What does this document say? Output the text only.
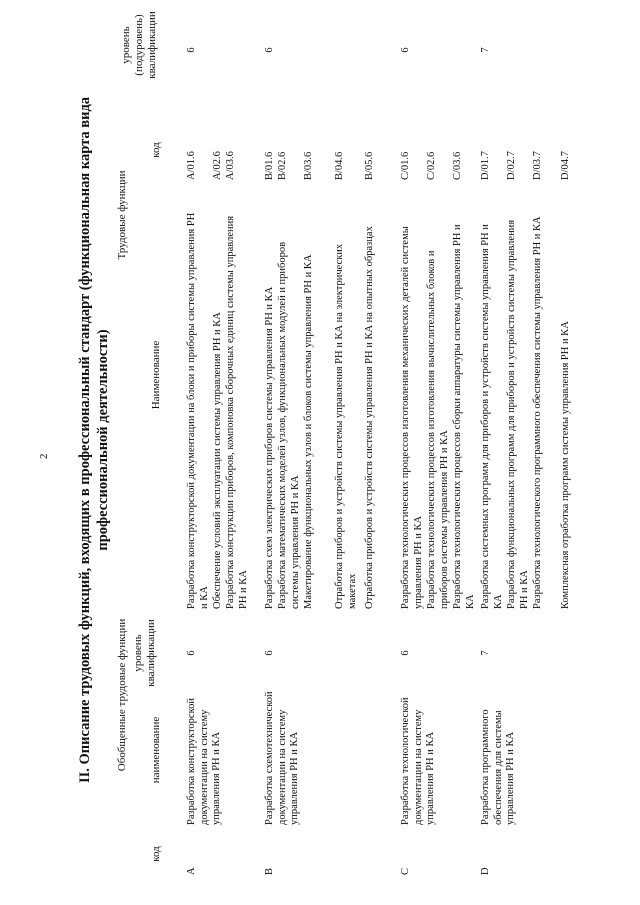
2 II. Описание трудовых функций, входящих в профессиональный стандарт (функциональная карта вида профессиональной деятельности)
Обобщенные трудовые функции
Трудовые функции
код
наименование
уровень квалификации
Наименование
код
уровень (подуровень) квалификации
A
Разработка конструкторской документации на систему управления РН и КА
6
Разработка конструкторской документации на блоки и приборы системы управления РН и КА
A/01.6
6
Обеспечение условий эксплуатации системы управления РН и КА
A/02.6
Разработка конструкции приборов, компоновка сборочных единиц системы управления РН и КА
A/03.6
B
Разработка схемотехнической документации на систему управления РН и КА
6
Разработка схем электрических приборов системы управления РН и КА
B/01.6
6
Разработка математических моделей узлов, функциональных модулей и приборов системы управления РН и КА
B/02.6
Макетирование функциональных узлов и блоков системы управления РН и КА
B/03.6
Отработка приборов и устройств системы управления РН и КА на электрических макетах
B/04.6
Отработка приборов и устройств системы управления РН и КА на опытных образцах
B/05.6
C
Разработка технологической документации на систему управления РН и КА
6
Разработка технологических процессов изготовления механических деталей системы управления РН и КА
C/01.6
6
Разработка технологических процессов изготовления вычислительных блоков и приборов системы управления РН и КА
C/02.6
Разработка технологических процессов сборки аппаратуры системы управления РН и КА
C/03.6
D
Разработка программного обеспечения для системы управления РН и КА
7
Разработка системных программ для приборов и устройств системы управления РН и КА
D/01.7
7
Разработка функциональных программ для приборов и устройств системы управления РН и КА
D/02.7
Разработка технологического программного обеспечения системы управления РН и КА
D/03.7
Комплексная отработка программ системы управления РН и КА
D/04.7
